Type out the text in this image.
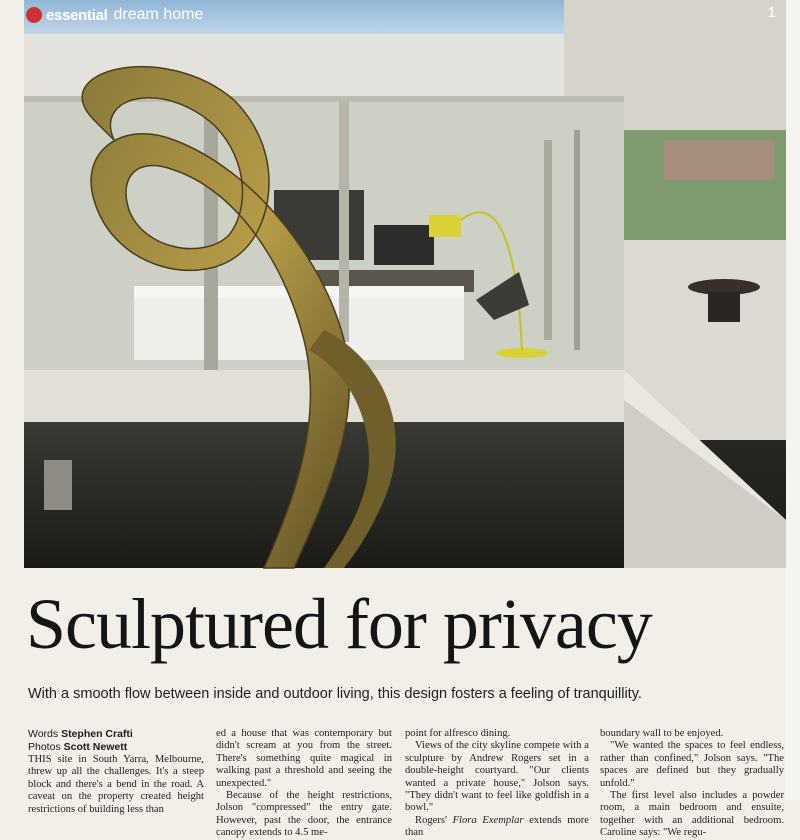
essential dream home	1
Sculptured for privacy

With a smooth flow between inside and outdoor living, this design fosters a feeling of tranquillity.

Words Stephen Crafti
Photos Scott Newett

THIS site in South Yarra, Melbourne, threw up all the challenges. It's a steep block and there's a bend in the road. A caveat on the property created height restrictions of building less than

ed a house that was contemporary but didn't scream at you from the street. There's something quite magical in walking past a threshold and seeing the unexpected."

Because of the height restrictions, Jolson "compressed" the entry gate. However, past the door, the entrance canopy extends to 4.5 me-

point for alfresco dining.

Views of the city skyline compete with a sculpture by Andrew Rogers set in a double-height courtyard. "Our clients wanted a private house," Jolson says. "They didn't want to feel like goldfish in a bowl."

Rogers' Flora Exemplar extends more than

boundary wall to be enjoyed.

"We wanted the spaces to feel endless, rather than confined," Jolson says. "The spaces are defined but they gradually unfold."

The first level also includes a powder room, a main bedroom and ensuite, together with an additional bedroom. Caroline says: "We regu-
